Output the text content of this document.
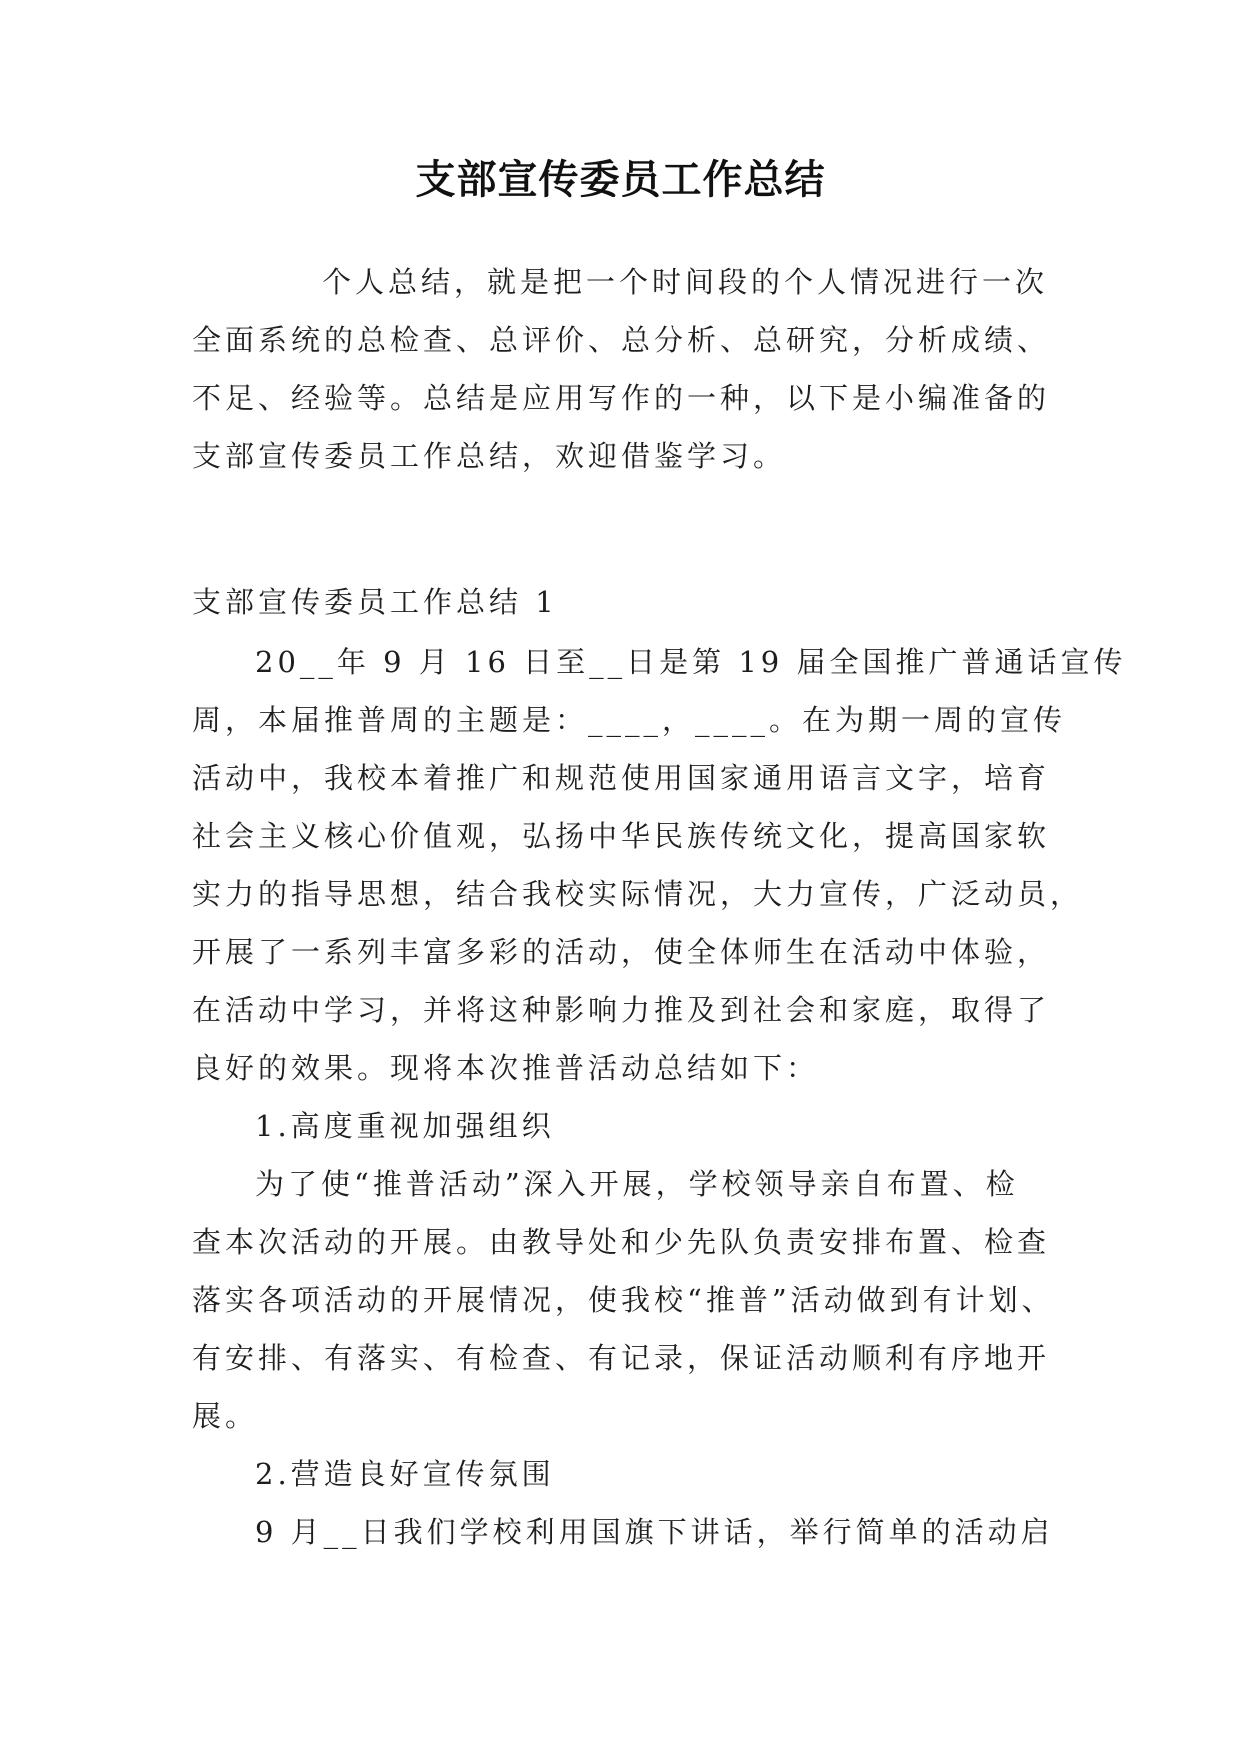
支部宣传委员工作总结

个人总结，就是把一个时间段的个人情况进行一次

全面系统的总检查、总评价、总分析、总研究，分析成绩、

不足、经验等。总结是应用写作的一种，以下是小编准备的

支部宣传委员工作总结，欢迎借鉴学习。

支部宣传委员工作总结 1

20__年 9 月 16 日至__日是第 19 届全国推广普通话宣传

周，本届推普周的主题是：____，____。在为期一周的宣传

活动中，我校本着推广和规范使用国家通用语言文字，培育

社会主义核心价值观，弘扬中华民族传统文化，提高国家软

实力的指导思想，结合我校实际情况，大力宣传，广泛动员，

开展了一系列丰富多彩的活动，使全体师生在活动中体验，

在活动中学习，并将这种影响力推及到社会和家庭，取得了

良好的效果。现将本次推普活动总结如下：

1.高度重视加强组织

为了使“推普活动”深入开展，学校领导亲自布置、检

查本次活动的开展。由教导处和少先队负责安排布置、检查

落实各项活动的开展情况，使我校“推普”活动做到有计划、

有安排、有落实、有检查、有记录，保证活动顺利有序地开

展。

2.营造良好宣传氛围

9 月__日我们学校利用国旗下讲话，举行简单的活动启
